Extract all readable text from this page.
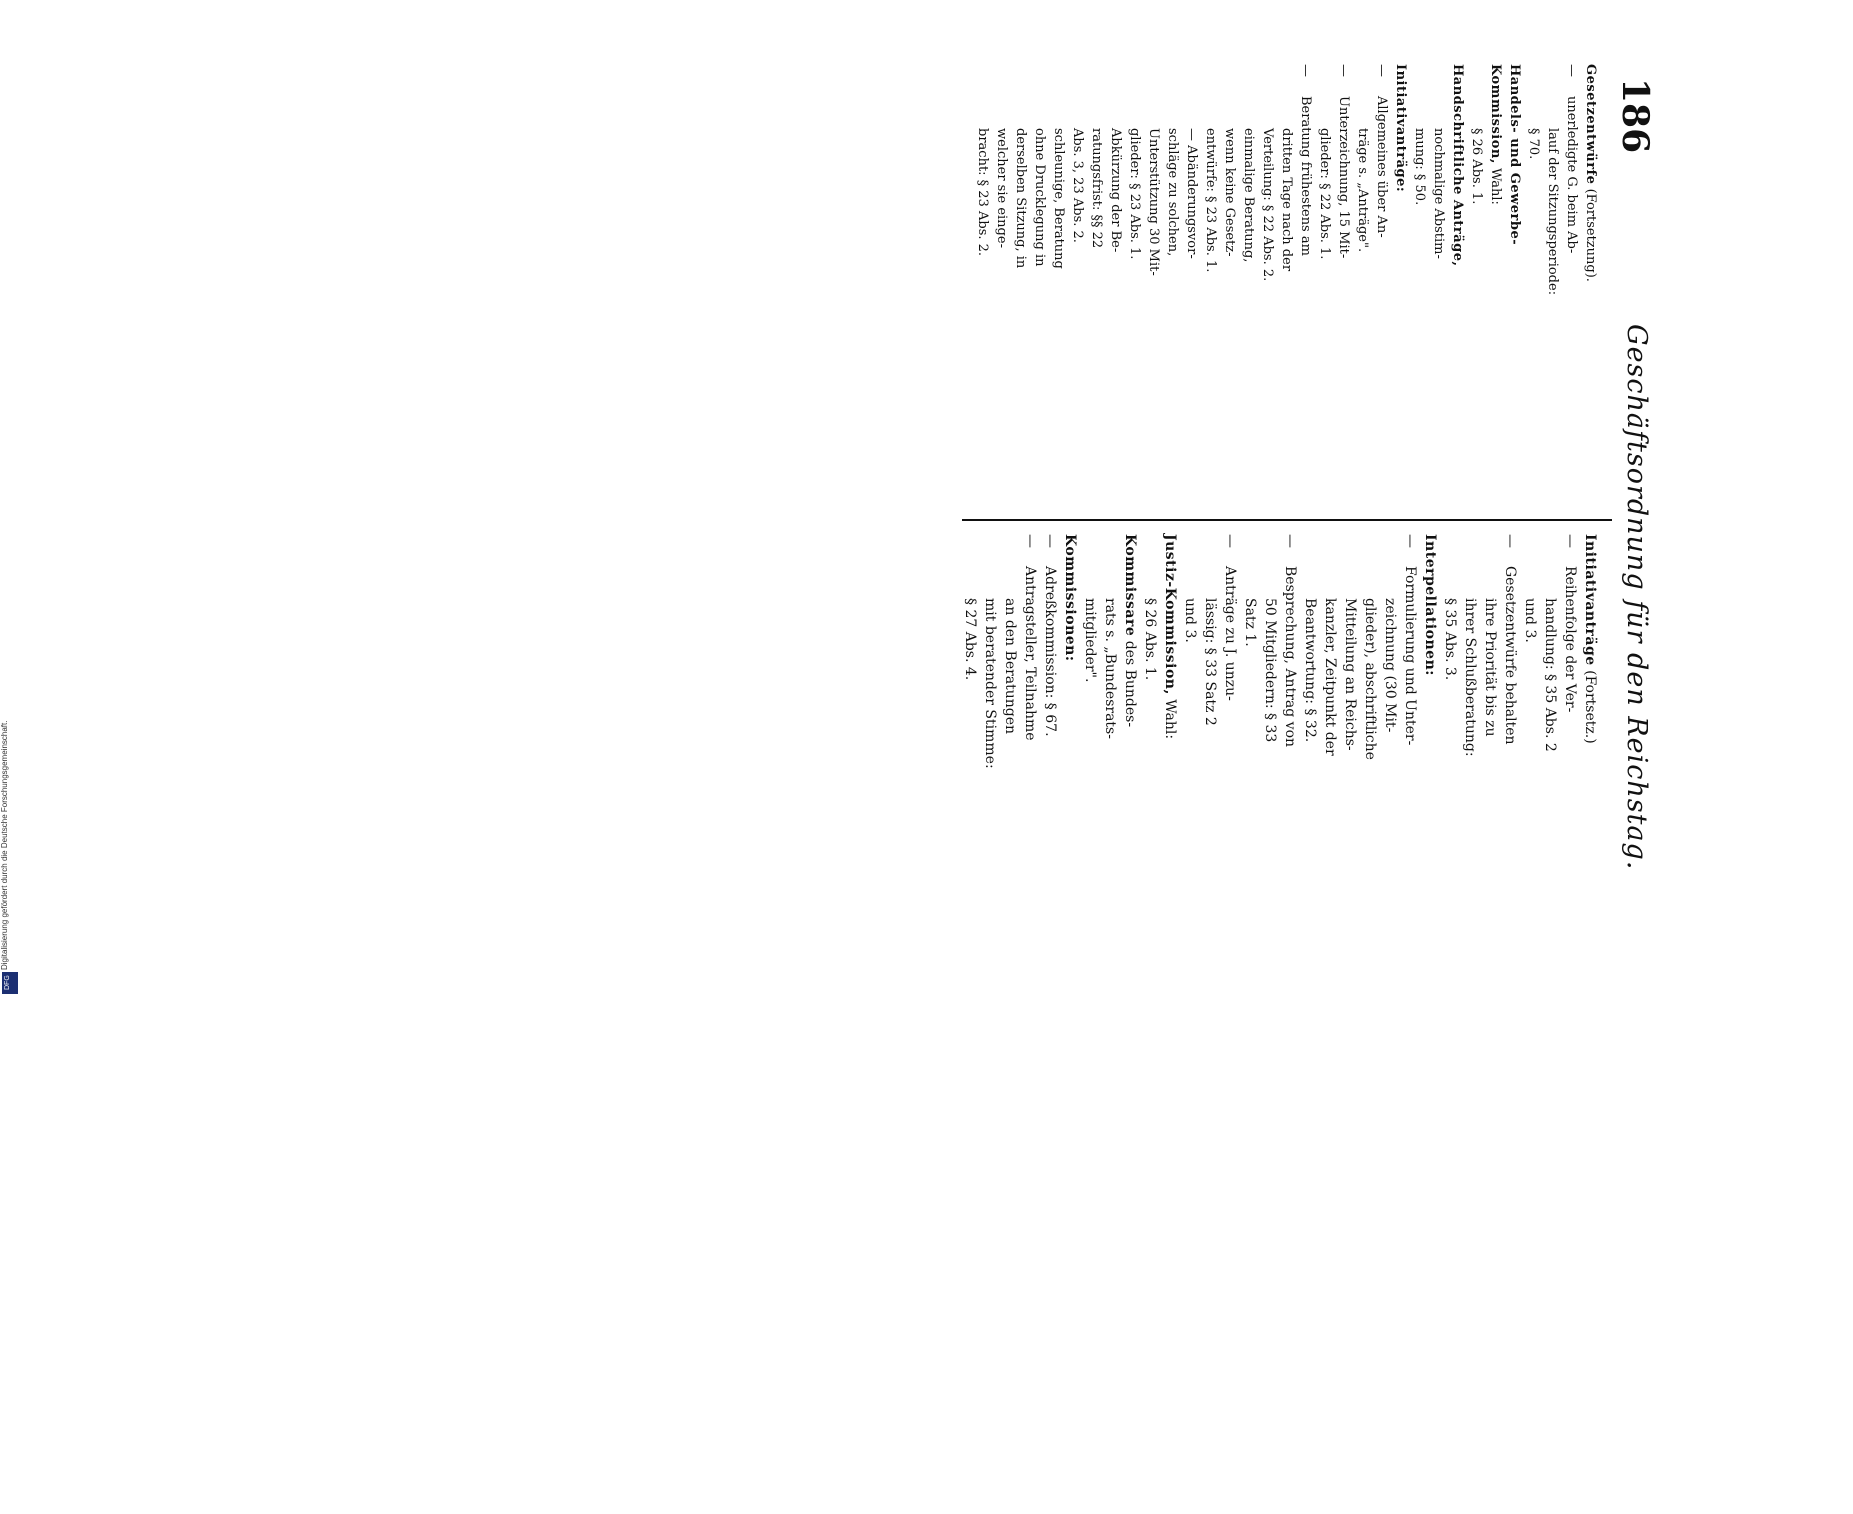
Digitalisierung gefördert durch die Deutsche Forschungsgemeinschaft.
DFG
186
Geschäftsordnung für den Reichstag.
Gesetzentwürfe (Fortsetzung).
—
unerledigte G. beim Ab-
lauf der Sitzungsperiode:
§ 70.
Handels- und Gewerbe-
Kommission, Wahl:
§ 26 Abs. 1.
Handschriftliche Anträge,
nochmalige Abstim-
mung: § 50.
Initiativanträge:
—
Allgemeines über An-
träge s. „Anträge".
—
Unterzeichnung, 15 Mit-
glieder: § 22 Abs. 1.
—
Beratung frühestens am
dritten Tage nach der
Verteilung: § 22 Abs. 2.
einmalige Beratung,
wenn keine Gesetz-
entwürfe: § 23 Abs. 1.
— Abänderungsvor-
schläge zu solchen,
Unterstützung 30 Mit-
glieder: § 23 Abs. 1.
Abkürzung der Be-
ratungsfrist: §§ 22
Abs. 3, 23 Abs. 2.
schleunige, Beratung
ohne Drucklegung in
derselben Sitzung, in
welcher sie einge-
bracht: § 23 Abs. 2.
Initiativanträge (Fortsetz.)
—
Reihenfolge der Ver-
handlung: § 35 Abs. 2
und 3.
—
Gesetzentwürfe behalten
ihre Priorität bis zu
ihrer Schlußberatung:
§ 35 Abs. 3.
Interpellationen:
—
Formulierung und Unter-
zeichnung (30 Mit-
glieder), abschriftliche
Mitteilung an Reichs-
kanzler, Zeitpunkt der
Beantwortung: § 32.
—
Besprechung, Antrag von
50 Mitgliedern: § 33
Satz 1.
—
Anträge zu J. unzu-
lässig: § 33 Satz 2
und 3.
Justiz-Kommission, Wahl:
§ 26 Abs. 1.
Kommissare des Bundes-
rats s. „Bundesrats-
mitglieder".
Kommissionen:
—
Adreßkommission: § 67.
—
Antragsteller, Teilnahme
an den Beratungen
mit beratender Stimme:
§ 27 Abs. 4.
